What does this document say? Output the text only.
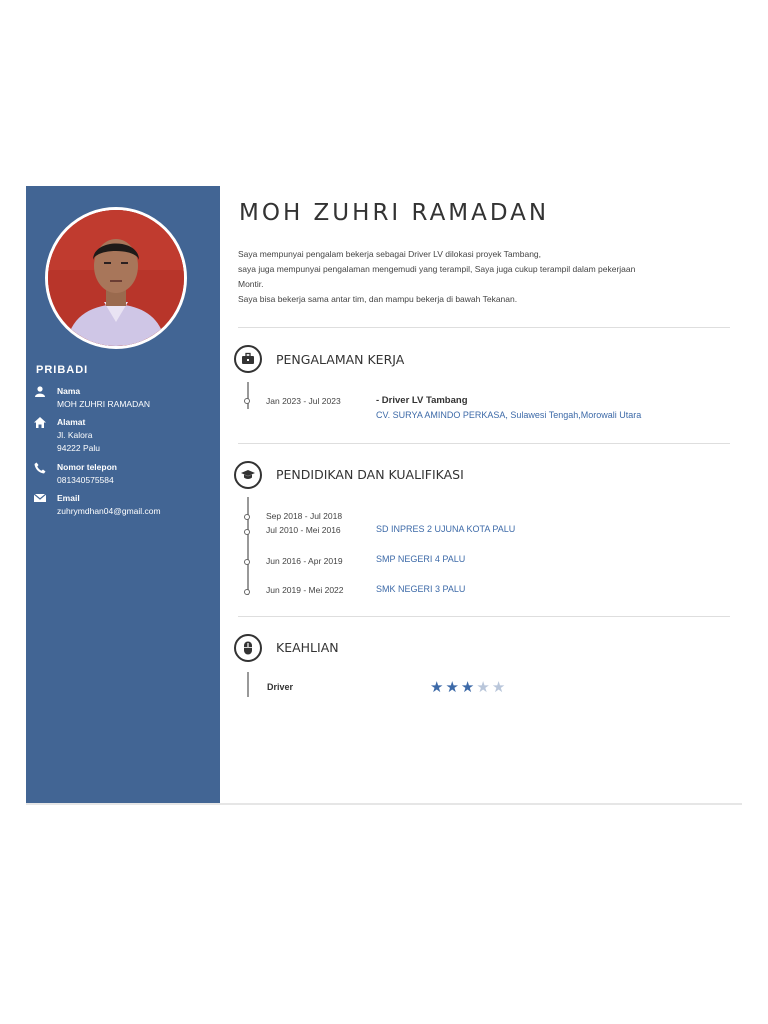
PRIBADI
Nama
MOH ZUHRI RAMADAN
Alamat
Jl. Kalora
94222 Palu
Nomor telepon
081340575584
Email
zuhrymdhan04@gmail.com
MOH ZUHRI RAMADAN
Saya mempunyai pengalam bekerja sebagai Driver LV dilokasi proyek Tambang,
saya juga mempunyai pengalaman mengemudi yang terampil, Saya juga cukup terampil dalam pekerjaan
Montir.
Saya bisa bekerja sama antar tim, dan mampu bekerja di bawah Tekanan.
PENGALAMAN KERJA
Jan 2023 - Jul 2023	- Driver LV Tambang
CV. SURYA AMINDO PERKASA, Sulawesi Tengah,Morowali Utara
PENDIDIKAN DAN KUALIFIKASI
Sep 2018 - Jul 2018
Jul 2010 - Mei 2016	SD INPRES 2 UJUNA KOTA PALU
Jun 2016 - Apr 2019	SMP NEGERI 4 PALU
Jun 2019 - Mei 2022	SMK NEGERI 3 PALU
KEAHLIAN
Driver	★★★★★
